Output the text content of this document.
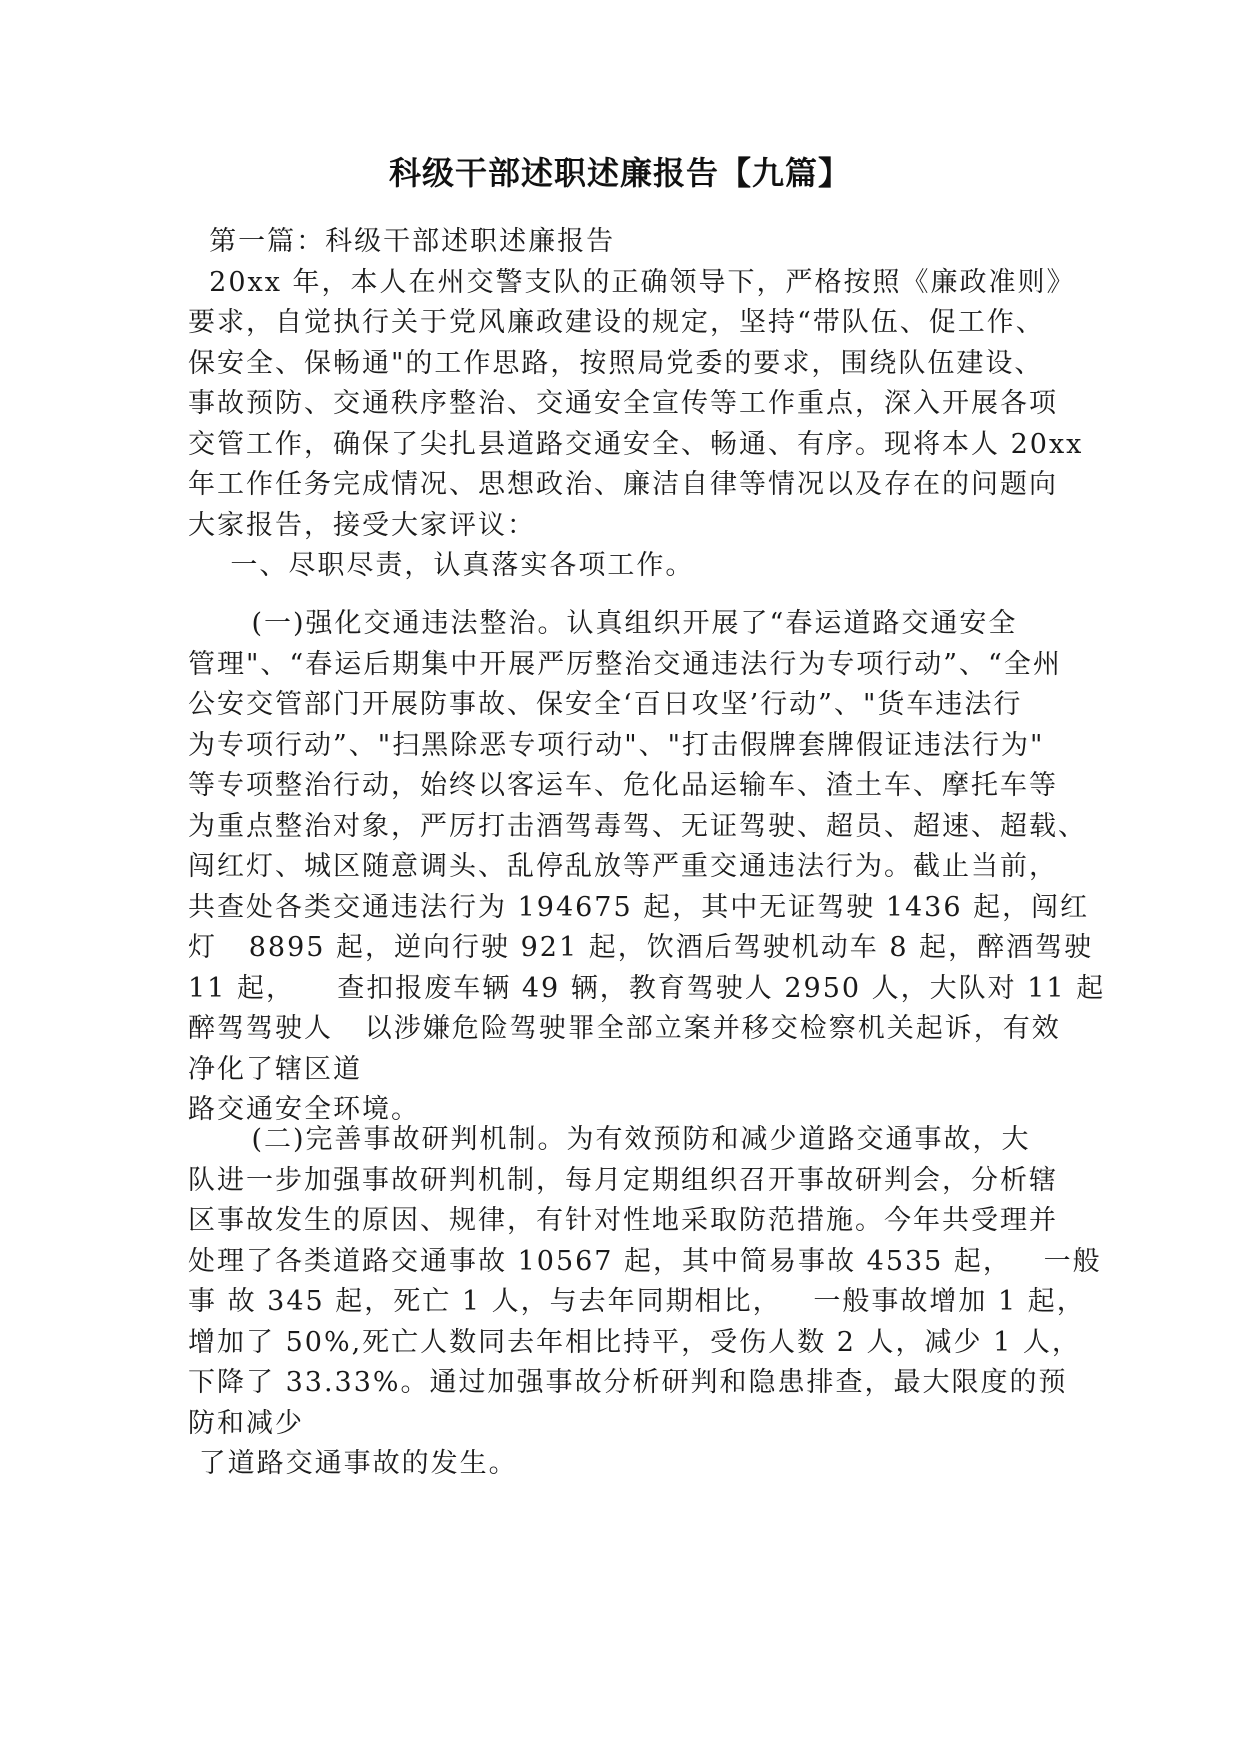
科级干部述职述廉报告【九篇】
第一篇：科级干部述职述廉报告
20xx 年，本人在州交警支队的正确领导下，严格按照《廉政准则》
要求，自觉执行关于党风廉政建设的规定，坚持“带队伍、促工作、
保安全、保畅通"的工作思路，按照局党委的要求，围绕队伍建设、
事故预防、交通秩序整治、交通安全宣传等工作重点，深入开展各项
交管工作，确保了尖扎县道路交通安全、畅通、有序。现将本人 20xx
年工作任务完成情况、思想政治、廉洁自律等情况以及存在的问题向
大家报告，接受大家评议：
一、尽职尽责，认真落实各项工作。
(一)强化交通违法整治。认真组织开展了“春运道路交通安全
管理"、“春运后期集中开展严厉整治交通违法行为专项行动”、“全州
公安交管部门开展防事故、保安全‘百日攻坚’行动”、"货车违法行
为专项行动”、"扫黑除恶专项行动"、"打击假牌套牌假证违法行为"
等专项整治行动，始终以客运车、危化品运输车、渣土车、摩托车等
为重点整治对象，严厉打击酒驾毒驾、无证驾驶、超员、超速、超载、
闯红灯、城区随意调头、乱停乱放等严重交通违法行为。截止当前，
共查处各类交通违法行为 194675 起，其中无证驾驶 1436 起，闯红
灯   8895 起，逆向行驶 921 起，饮酒后驾驶机动车 8 起，醉酒驾驶
11 起，    查扣报废车辆 49 辆，教育驾驶人 2950 人，大队对 11 起
醉驾驾驶人   以涉嫌危险驾驶罪全部立案并移交检察机关起诉，有效
净化了辖区道
路交通安全环境。
(二)完善事故研判机制。为有效预防和减少道路交通事故，大
队进一步加强事故研判机制，每月定期组织召开事故研判会，分析辖
区事故发生的原因、规律，有针对性地采取防范措施。今年共受理并
处理了各类道路交通事故 10567 起，其中简易事故 4535 起，   一般
事 故 345 起，死亡 1 人，与去年同期相比，   一般事故增加 1 起，
增加了 50%,死亡人数同去年相比持平，受伤人数 2 人，减少 1 人，
下降了 33.33%。通过加强事故分析研判和隐患排查，最大限度的预
防和减少
了道路交通事故的发生。
